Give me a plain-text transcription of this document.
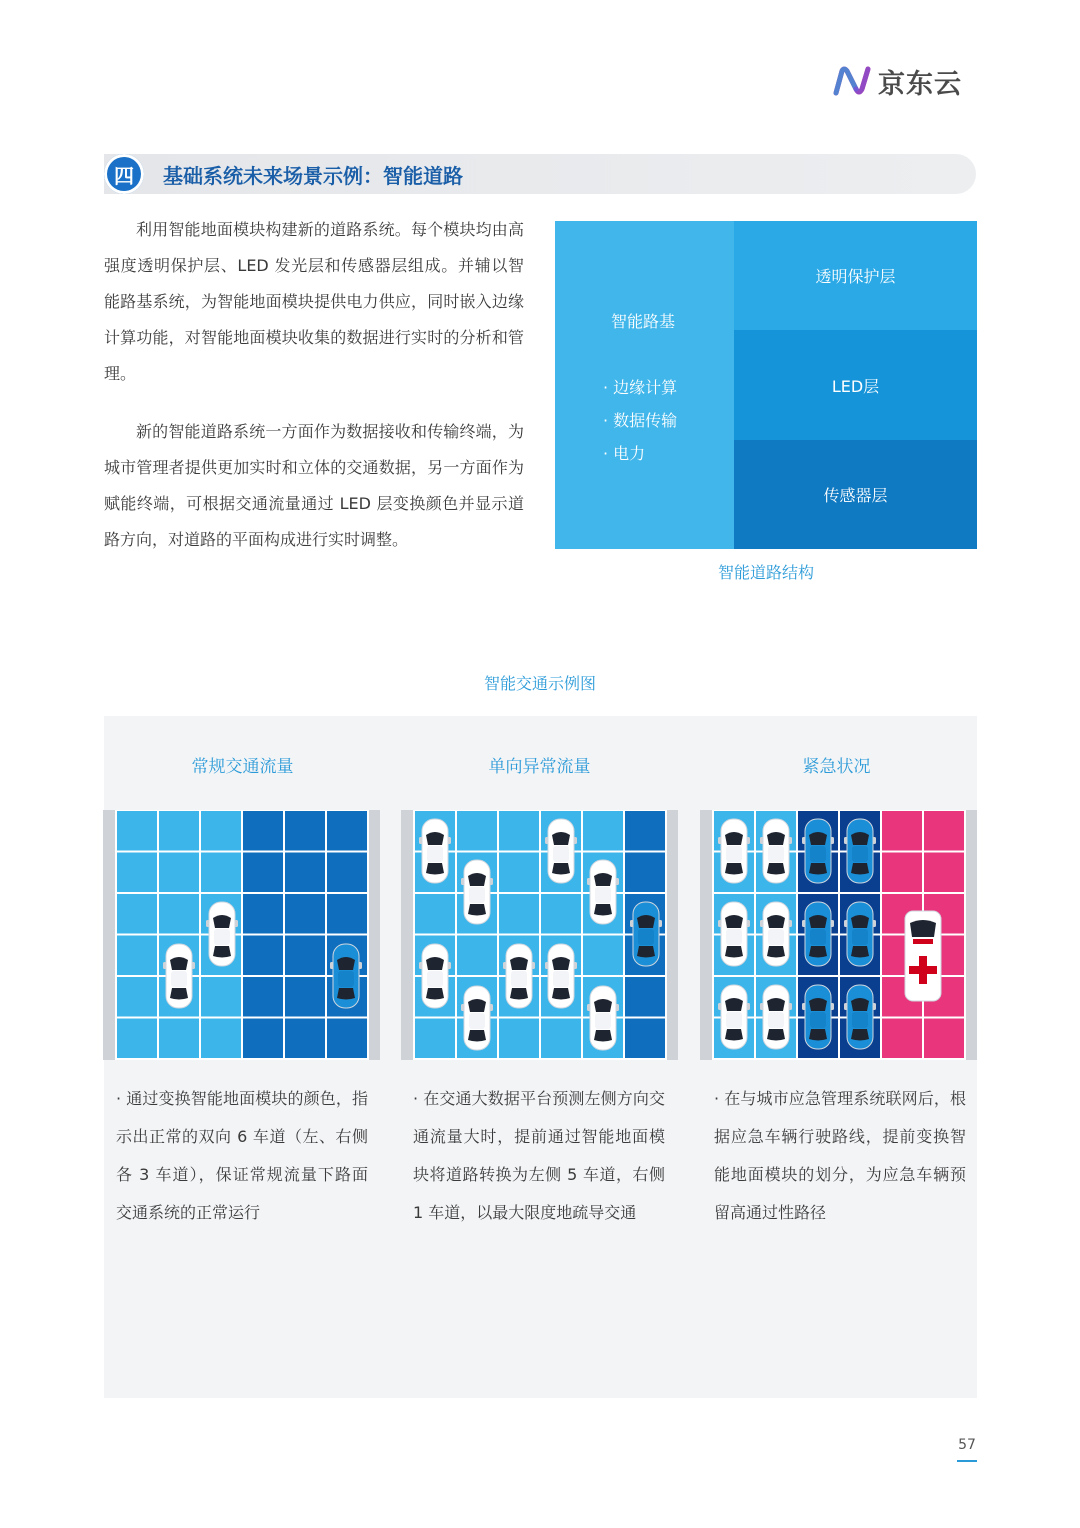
京东云
四	基础系统未来场景示例：智能道路
利用智能地面模块构建新的道路系统。每个模块均由高强度透明保护层、LED 发光层和传感器层组成。并辅以智能路基系统，为智能地面模块提供电力供应，同时嵌入边缘计算功能，对智能地面模块收集的数据进行实时的分析和管理。
新的智能道路系统一方面作为数据接收和传输终端，为城市管理者提供更加实时和立体的交通数据，另一方面作为赋能终端，可根据交通流量通过 LED 层变换颜色并显示道路方向，对道路的平面构成进行实时调整。
智能路基
· 边缘计算
· 数据传输
· 电力
透明保护层
LED层
传感器层
智能道路结构
智能交通示例图
常规交通流量	单向异常流量	紧急状况
· 通过变换智能地面模块的颜色，指示出正常的双向 6 车道（左、右侧各 3 车道），保证常规流量下路面交通系统的正常运行
· 在交通大数据平台预测左侧方向交通流量大时，提前通过智能地面模块将道路转换为左侧 5 车道，右侧 1 车道，以最大限度地疏导交通
· 在与城市应急管理系统联网后，根据应急车辆行驶路线，提前变换智能地面模块的划分，为应急车辆预留高通过性路径
57
